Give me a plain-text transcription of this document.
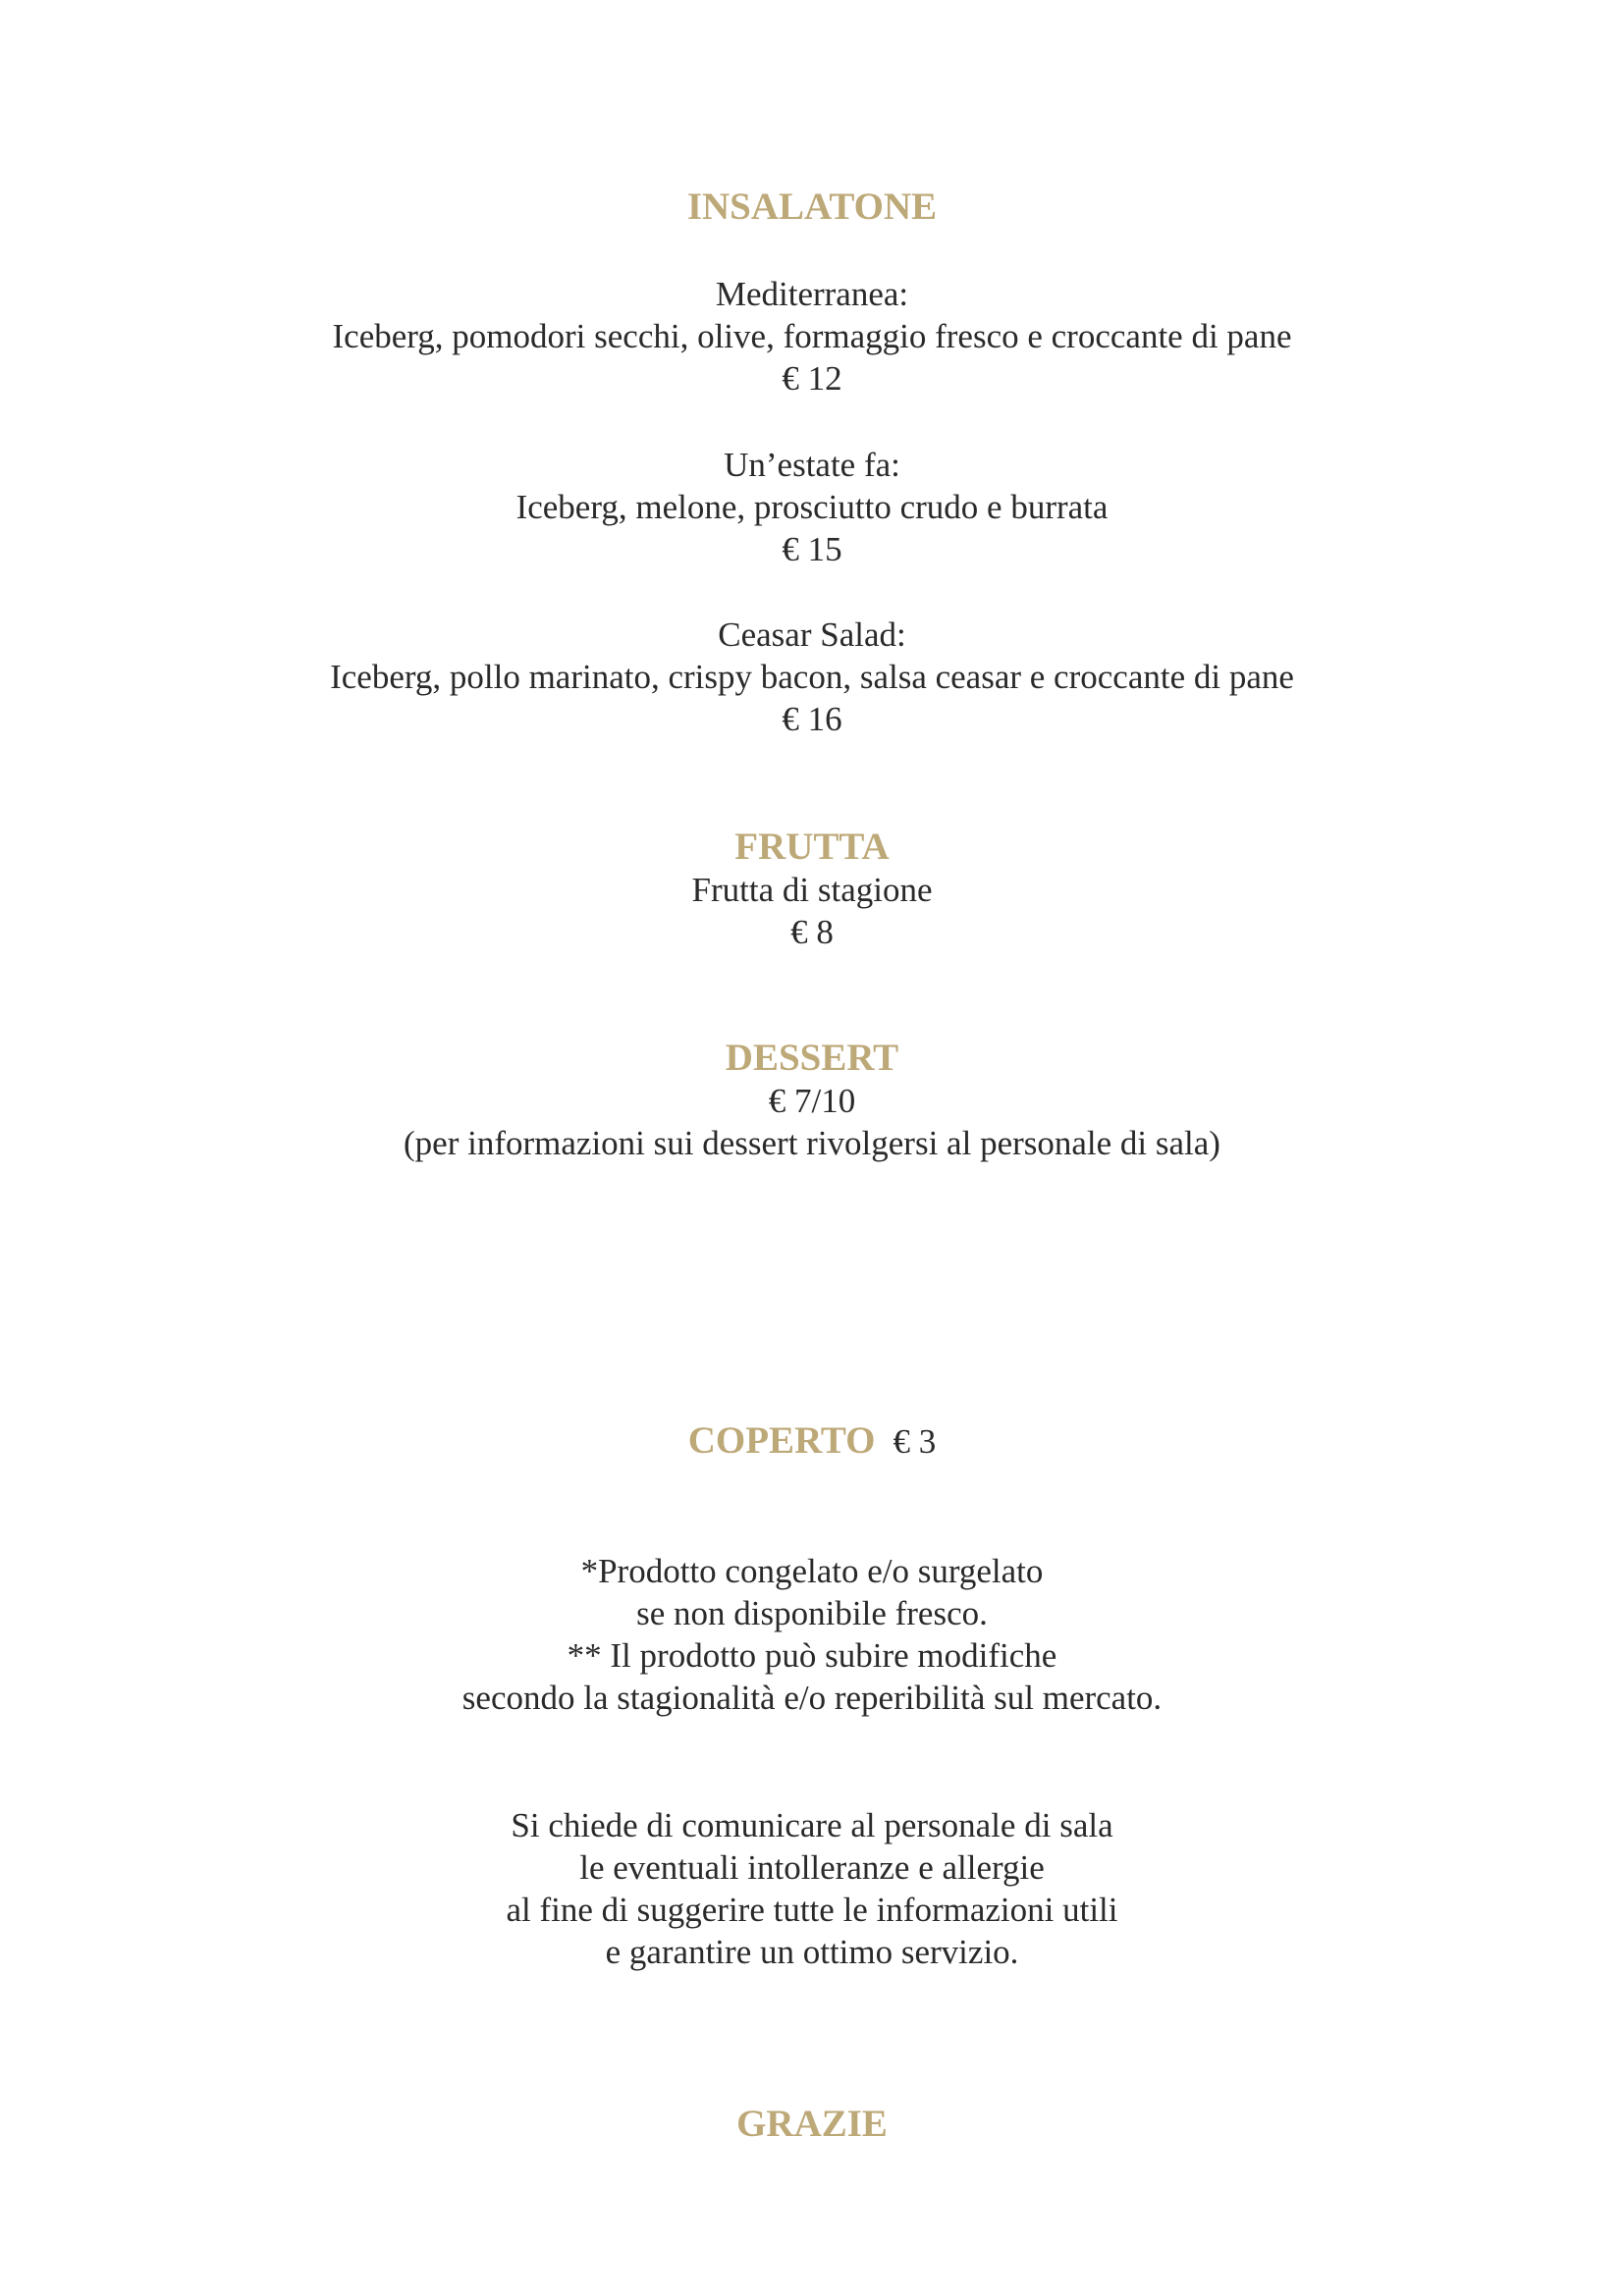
INSALATONE
Mediterranea:
Iceberg, pomodori secchi, olive, formaggio fresco e croccante di pane
€ 12
Un’estate fa:
Iceberg, melone, prosciutto crudo e burrata
€ 15
Ceasar Salad:
Iceberg, pollo marinato, crispy bacon, salsa ceasar e croccante di pane
€ 16
FRUTTA
Frutta di stagione
€ 8
DESSERT
€ 7/10
(per informazioni sui dessert rivolgersi al personale di sala)
COPERTO € 3
*Prodotto congelato e/o surgelato
se non disponibile fresco.
** Il prodotto può subire modifiche
secondo la stagionalità e/o reperibilità sul mercato.
Si chiede di comunicare al personale di sala
le eventuali intolleranze e allergie
al fine di suggerire tutte le informazioni utili
e garantire un ottimo servizio.
GRAZIE
